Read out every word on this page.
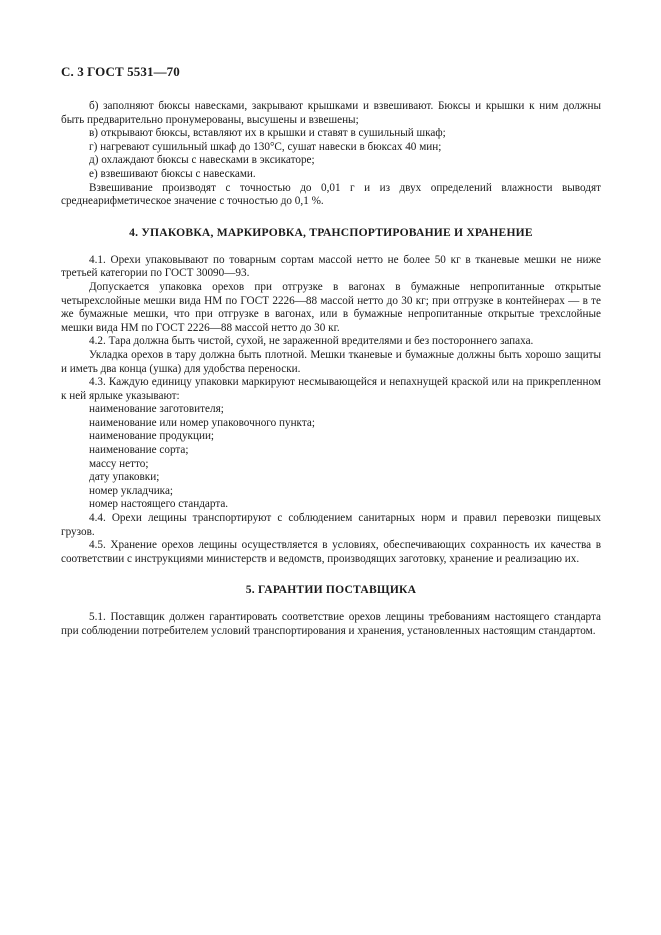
С. 3 ГОСТ 5531—70

б) заполняют бюксы навесками, закрывают крышками и взвешивают. Бюксы и крышки к ним должны быть предварительно пронумерованы, высушены и взвешены;

в) открывают бюксы, вставляют их в крышки и ставят в сушильный шкаф;

г) нагревают сушильный шкаф до 130°С, сушат навески в бюксах 40 мин;

д) охлаждают бюксы с навесками в эксикаторе;

е) взвешивают бюксы с навесками.

Взвешивание производят с точностью до 0,01 г и из двух определений влажности выводят среднеарифметическое значение с точностью до 0,1 %.

4. УПАКОВКА, МАРКИРОВКА, ТРАНСПОРТИРОВАНИЕ И ХРАНЕНИЕ

4.1. Орехи упаковывают по товарным сортам массой нетто не более 50 кг в тканевые мешки не ниже третьей категории по ГОСТ 30090—93.

Допускается упаковка орехов при отгрузке в вагонах в бумажные непропитанные открытые четырехслойные мешки вида НМ по ГОСТ 2226—88 массой нетто до 30 кг; при отгрузке в контейнерах — в те же бумажные мешки, что при отгрузке в вагонах, или в бумажные непропитанные открытые трехслойные мешки вида НМ по ГОСТ 2226—88 массой нетто до 30 кг.

4.2. Тара должна быть чистой, сухой, не зараженной вредителями и без постороннего запаха.

Укладка орехов в тару должна быть плотной. Мешки тканевые и бумажные должны быть хорошо защиты и иметь два конца (ушка) для удобства переноски.

4.3. Каждую единицу упаковки маркируют несмывающейся и непахнущей краской или на прикрепленном к ней ярлыке указывают:

наименование заготовителя;

наименование или номер упаковочного пункта;

наименование продукции;

наименование сорта;

массу нетто;

дату упаковки;

номер укладчика;

номер настоящего стандарта.

4.4. Орехи лещины транспортируют с соблюдением санитарных норм и правил перевозки пищевых грузов.

4.5. Хранение орехов лещины осуществляется в условиях, обеспечивающих сохранность их качества в соответствии с инструкциями министерств и ведомств, производящих заготовку, хранение и реализацию их.

5. ГАРАНТИИ ПОСТАВЩИКА

5.1. Поставщик должен гарантировать соответствие орехов лещины требованиям настоящего стандарта при соблюдении потребителем условий транспортирования и хранения, установленных настоящим стандартом.
